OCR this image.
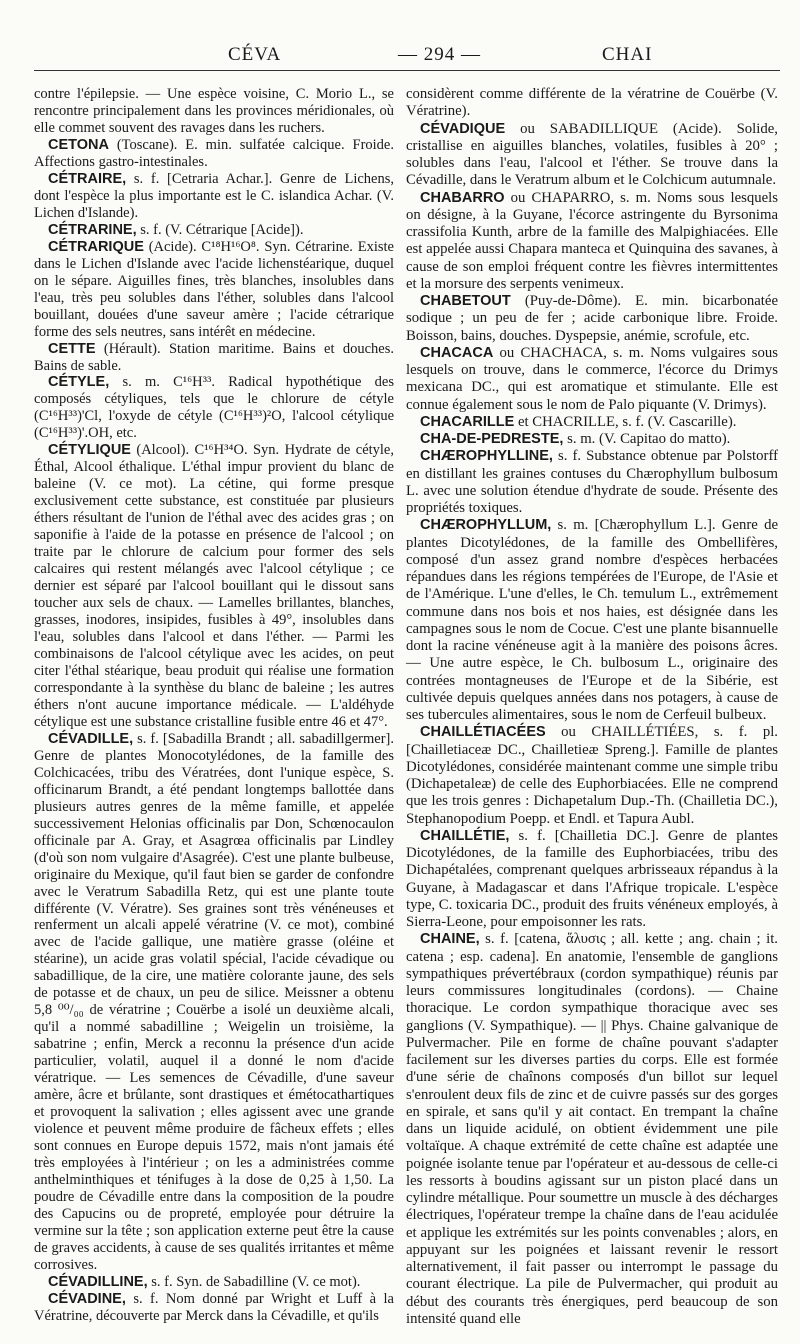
CÉVA	— 294 —	CHAI

contre l'épilepsie. — Une espèce voisine, C. Morio L., se rencontre principalement dans les provinces méridionales, où elle commet souvent des ravages dans les ruchers.

CETONA (Toscane). E. min. sulfatée calcique. Froide. Affections gastro-intestinales.

CÉTRAIRE, s. f. [Cetraria Achar.]. Genre de Lichens, dont l'espèce la plus importante est le C. islandica Achar. (V. Lichen d'Islande).

CÉTRARINE, s. f. (V. Cétrarique [Acide]).

CÉTRARIQUE (Acide). C¹⁸H¹⁶O⁸. Syn. Cétrarine. Existe dans le Lichen d'Islande avec l'acide lichenstéarique, duquel on le sépare. Aiguilles fines, très blanches, insolubles dans l'eau, très peu solubles dans l'éther, solubles dans l'alcool bouillant, douées d'une saveur amère ; l'acide cétrarique forme des sels neutres, sans intérêt en médecine.

CETTE (Hérault). Station maritime. Bains et douches. Bains de sable.

CÉTYLE, s. m. C¹⁶H³³. Radical hypothétique des composés cétyliques, tels que le chlorure de cétyle (C¹⁶H³³)'Cl, l'oxyde de cétyle (C¹⁶H³³)²O, l'alcool cétylique (C¹⁶H³³)'.OH, etc.

CÉTYLIQUE (Alcool). C¹⁶H³⁴O. Syn. Hydrate de cétyle, Éthal, Alcool éthalique. L'éthal impur provient du blanc de baleine (V. ce mot). La cétine, qui forme presque exclusivement cette substance, est constituée par plusieurs éthers résultant de l'union de l'éthal avec des acides gras ; on saponifie à l'aide de la potasse en présence de l'alcool ; on traite par le chlorure de calcium pour former des sels calcaires qui restent mélangés avec l'alcool cétylique ; ce dernier est séparé par l'alcool bouillant qui le dissout sans toucher aux sels de chaux. — Lamelles brillantes, blanches, grasses, inodores, insipides, fusibles à 49°, insolubles dans l'eau, solubles dans l'alcool et dans l'éther. — Parmi les combinaisons de l'alcool cétylique avec les acides, on peut citer l'éthal stéarique, beau produit qui réalise une formation correspondante à la synthèse du blanc de baleine ; les autres éthers n'ont aucune importance médicale. — L'aldéhyde cétylique est une substance cristalline fusible entre 46 et 47°.

CÉVADILLE, s. f. [Sabadilla Brandt ; all. sabadillgermer]. Genre de plantes Monocotylédones, de la famille des Colchicacées, tribu des Vératrées, dont l'unique espèce, S. officinarum Brandt, a été pendant longtemps ballottée dans plusieurs autres genres de la même famille, et appelée successivement Helonias officinalis par Don, Schœnocaulon officinale par A. Gray, et Asagrœa officinalis par Lindley (d'où son nom vulgaire d'Asagrée). C'est une plante bulbeuse, originaire du Mexique, qu'il faut bien se garder de confondre avec le Veratrum Sabadilla Retz, qui est une plante toute différente (V. Vératre). Ses graines sont très vénéneuses et renferment un alcali appelé vératrine (V. ce mot), combiné avec de l'acide gallique, une matière grasse (oléine et stéarine), un acide gras volatil spécial, l'acide cévadique ou sabadillique, de la cire, une matière colorante jaune, des sels de potasse et de chaux, un peu de silice. Meissner a obtenu 5,8 ⁰⁰/₀₀ de vératrine ; Couërbe a isolé un deuxième alcali, qu'il a nommé sabadilline ; Weigelin un troisième, la sabatrine ; enfin, Merck a reconnu la présence d'un acide particulier, volatil, auquel il a donné le nom d'acide vératrique. — Les semences de Cévadille, d'une saveur amère, âcre et brûlante, sont drastiques et émétocathartiques et provoquent la salivation ; elles agissent avec une grande violence et peuvent même produire de fâcheux effets ; elles sont connues en Europe depuis 1572, mais n'ont jamais été très employées à l'intérieur ; on les a administrées comme anthelminthiques et ténifuges à la dose de 0,25 à 1,50. La poudre de Cévadille entre dans la composition de la poudre des Capucins ou de propreté, employée pour détruire la vermine sur la tête ; son application externe peut être la cause de graves accidents, à cause de ses qualités irritantes et même corrosives.

CÉVADILLINE, s. f. Syn. de Sabadilline (V. ce mot).

CÉVADINE, s. f. Nom donné par Wright et Luff à la Vératrine, découverte par Merck dans la Cévadille, et qu'ils

considèrent comme différente de la vératrine de Couërbe (V. Vératrine).

CÉVADIQUE ou SABADILLIQUE (Acide). Solide, cristallise en aiguilles blanches, volatiles, fusibles à 20° ; solubles dans l'eau, l'alcool et l'éther. Se trouve dans la Cévadille, dans le Veratrum album et le Colchicum autumnale.

CHABARRO ou CHAPARRO, s. m. Noms sous lesquels on désigne, à la Guyane, l'écorce astringente du Byrsonima crassifolia Kunth, arbre de la famille des Malpighiacées. Elle est appelée aussi Chapara manteca et Quinquina des savanes, à cause de son emploi fréquent contre les fièvres intermittentes et la morsure des serpents venimeux.

CHABETOUT (Puy-de-Dôme). E. min. bicarbonatée sodique ; un peu de fer ; acide carbonique libre. Froide. Boisson, bains, douches. Dyspepsie, anémie, scrofule, etc.

CHACACA ou CHACHACA, s. m. Noms vulgaires sous lesquels on trouve, dans le commerce, l'écorce du Drimys mexicana DC., qui est aromatique et stimulante. Elle est connue également sous le nom de Palo piquante (V. Drimys).

CHACARILLE et CHACRILLE, s. f. (V. Cascarille).

CHA-DE-PEDRESTE, s. m. (V. Capitao do matto).

CHÆROPHYLLINE, s. f. Substance obtenue par Polstorff en distillant les graines contuses du Chærophyllum bulbosum L. avec une solution étendue d'hydrate de soude. Présente des propriétés toxiques.

CHÆROPHYLLUM, s. m. [Chærophyllum L.]. Genre de plantes Dicotylédones, de la famille des Ombellifères, composé d'un assez grand nombre d'espèces herbacées répandues dans les régions tempérées de l'Europe, de l'Asie et de l'Amérique. L'une d'elles, le Ch. temulum L., extrêmement commune dans nos bois et nos haies, est désignée dans les campagnes sous le nom de Cocue. C'est une plante bisannuelle dont la racine vénéneuse agit à la manière des poisons âcres. — Une autre espèce, le Ch. bulbosum L., originaire des contrées montagneuses de l'Europe et de la Sibérie, est cultivée depuis quelques années dans nos potagers, à cause de ses tubercules alimentaires, sous le nom de Cerfeuil bulbeux.

CHAILLÉTIACÉES ou CHAILLÉTIÉES, s. f. pl. [Chailletiaceæ DC., Chailletieæ Spreng.]. Famille de plantes Dicotylédones, considérée maintenant comme une simple tribu (Dichapetaleæ) de celle des Euphorbiacées. Elle ne comprend que les trois genres : Dichapetalum Dup.-Th. (Chailletia DC.), Stephanopodium Poepp. et Endl. et Tapura Aubl.

CHAILLÉTIE, s. f. [Chailletia DC.]. Genre de plantes Dicotylédones, de la famille des Euphorbiacées, tribu des Dichapétalées, comprenant quelques arbrisseaux répandus à la Guyane, à Madagascar et dans l'Afrique tropicale. L'espèce type, C. toxicaria DC., produit des fruits vénéneux employés, à Sierra-Leone, pour empoisonner les rats.

CHAINE, s. f. [catena, ἅλυσις ; all. kette ; ang. chain ; it. catena ; esp. cadena]. En anatomie, l'ensemble de ganglions sympathiques prévertébraux (cordon sympathique) réunis par leurs commissures longitudinales (cordons). — Chaine thoracique. Le cordon sympathique thoracique avec ses ganglions (V. Sympathique). — || Phys. Chaine galvanique de Pulvermacher. Pile en forme de chaîne pouvant s'adapter facilement sur les diverses parties du corps. Elle est formée d'une série de chaînons composés d'un billot sur lequel s'enroulent deux fils de zinc et de cuivre passés sur des gorges en spirale, et sans qu'il y ait contact. En trempant la chaîne dans un liquide acidulé, on obtient évidemment une pile voltaïque. A chaque extrémité de cette chaîne est adaptée une poignée isolante tenue par l'opérateur et au-dessous de celle-ci les ressorts à boudins agissant sur un piston placé dans un cylindre métallique. Pour soumettre un muscle à des décharges électriques, l'opérateur trempe la chaîne dans de l'eau acidulée et applique les extrémités sur les points convenables ; alors, en appuyant sur les poignées et laissant revenir le ressort alternativement, il fait passer ou interrompt le passage du courant électrique. La pile de Pulvermacher, qui produit au début des courants très énergiques, perd beaucoup de son intensité quand elle
